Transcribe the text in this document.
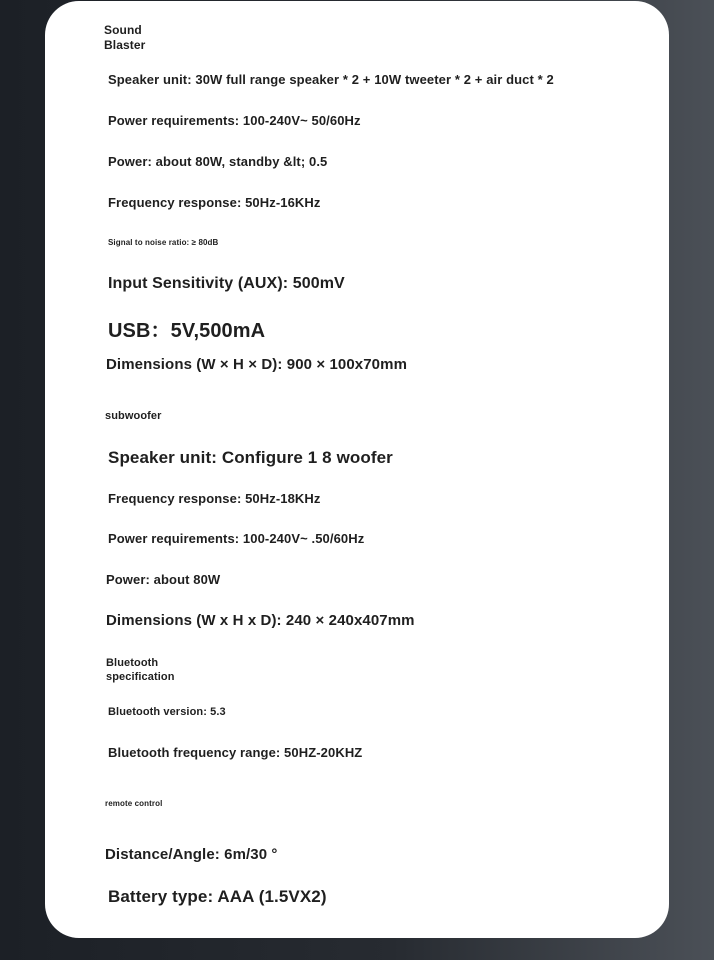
Sound
Blaster
Speaker unit: 30W full range speaker * 2 + 10W tweeter * 2 + air duct * 2
Power requirements: 100-240V~ 50/60Hz
Power: about 80W, standby &lt; 0.5
Frequency response: 50Hz-16KHz
Signal to noise ratio: ≥ 80dB
Input Sensitivity (AUX): 500mV
USB：5V,500mA
Dimensions (W × H × D): 900 × 100x70mm
subwoofer
Speaker unit: Configure 1 8 woofer
Frequency response: 50Hz-18KHz
Power requirements: 100-240V~ .50/60Hz
Power: about 80W
Dimensions (W x H x D): 240 × 240x407mm
Bluetooth
specification
Bluetooth version: 5.3
Bluetooth frequency range: 50HZ-20KHZ
remote control
Distance/Angle: 6m/30 °
Battery type: AAA (1.5VX2)
